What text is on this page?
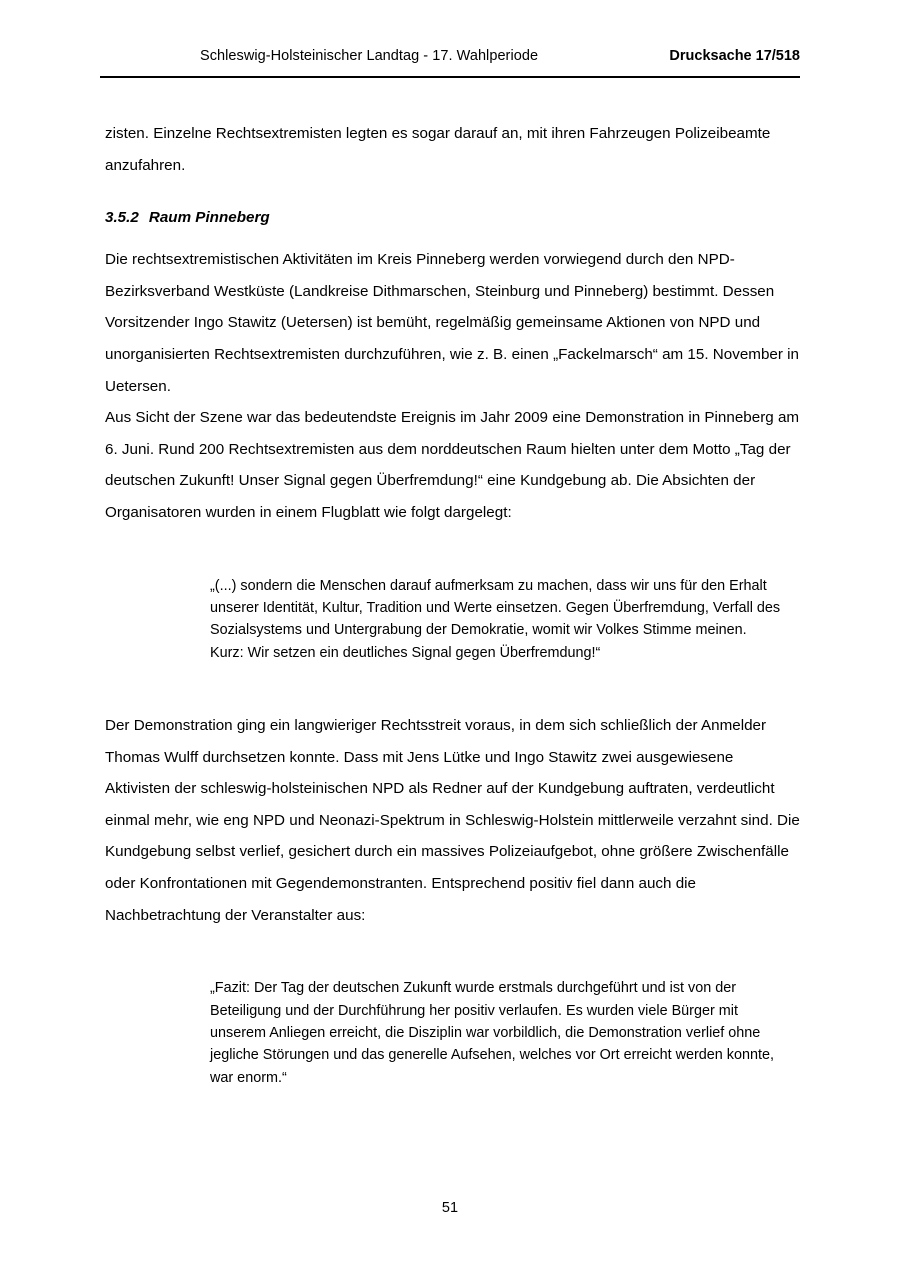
Schleswig-Holsteinischer Landtag - 17. Wahlperiode	Drucksache 17/518

zisten. Einzelne Rechtsextremisten legten es sogar darauf an, mit ihren Fahrzeugen Polizeibeamte anzufahren.

3.5.2 Raum Pinneberg

Die rechtsextremistischen Aktivitäten im Kreis Pinneberg werden vorwiegend durch den NPD-Bezirksverband Westküste (Landkreise Dithmarschen, Steinburg und Pinneberg) bestimmt. Dessen Vorsitzender Ingo Stawitz (Uetersen) ist bemüht, regelmäßig gemeinsame Aktionen von NPD und unorganisierten Rechtsextremisten durchzuführen, wie z. B. einen „Fackelmarsch“ am 15. November in Uetersen.

Aus Sicht der Szene war das bedeutendste Ereignis im Jahr 2009 eine Demonstration in Pinneberg am 6. Juni. Rund 200 Rechtsextremisten aus dem norddeutschen Raum hielten unter dem Motto „Tag der deutschen Zukunft! Unser Signal gegen Überfremdung!“ eine Kundgebung ab. Die Absichten der Organisatoren wurden in einem Flugblatt wie folgt dargelegt:

„(...) sondern die Menschen darauf aufmerksam zu machen, dass wir uns für den Erhalt unserer Identität, Kultur, Tradition und Werte einsetzen. Gegen Überfremdung, Verfall des Sozialsystems und Untergrabung der Demokratie, womit wir Volkes Stimme meinen.

Kurz: Wir setzen ein deutliches Signal gegen Überfremdung!“

Der Demonstration ging ein langwieriger Rechtsstreit voraus, in dem sich schließlich der Anmelder Thomas Wulff durchsetzen konnte. Dass mit Jens Lütke und Ingo Stawitz zwei ausgewiesene Aktivisten der schleswig-holsteinischen NPD als Redner auf der Kundgebung auftraten, verdeutlicht einmal mehr, wie eng NPD und Neonazi-Spektrum in Schleswig-Holstein mittlerweile verzahnt sind. Die Kundgebung selbst verlief, gesichert durch ein massives Polizeiaufgebot, ohne größere Zwischenfälle oder Konfrontationen mit Gegendemonstranten. Entsprechend positiv fiel dann auch die Nachbetrachtung der Veranstalter aus:

„Fazit: Der Tag der deutschen Zukunft wurde erstmals durchgeführt und ist von der Beteiligung und der Durchführung her positiv verlaufen. Es wurden viele Bürger mit unserem Anliegen erreicht, die Disziplin war vorbildlich, die Demonstration verlief ohne jegliche Störungen und das generelle Aufsehen, welches vor Ort erreicht werden konnte, war enorm.“

51
